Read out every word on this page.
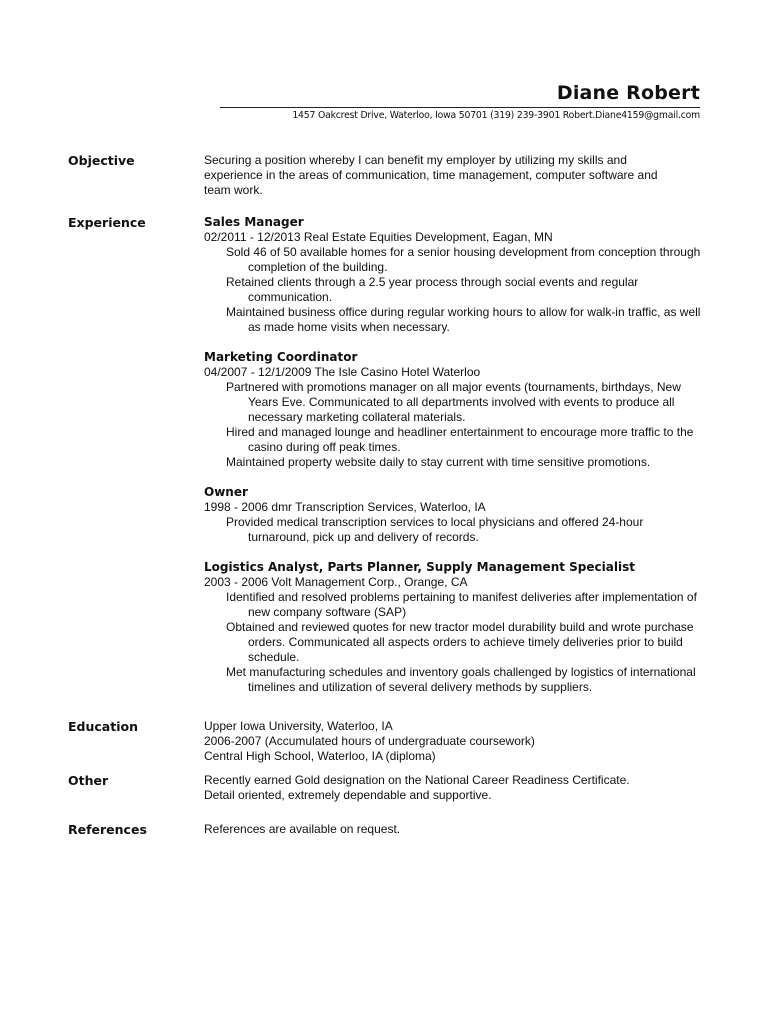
Diane Robert
1457 Oakcrest Drive, Waterloo, Iowa 50701 (319) 239-3901 Robert.Diane4159@gmail.com
Objective	Securing a position whereby I can benefit my employer by utilizing my skills and
experience in the areas of communication, time management, computer software and
team work.
Experience	Sales Manager
02/2011 - 12/2013 Real Estate Equities Development, Eagan, MN
Sold 46 of 50 available homes for a senior housing development from conception through completion of the building.
Retained clients through a 2.5 year process through social events and regular communication.
Maintained business office during regular working hours to allow for walk-in traffic, as well as made home visits when necessary.
Marketing Coordinator
04/2007 - 12/1/2009 The Isle Casino Hotel Waterloo
Partnered with promotions manager on all major events (tournaments, birthdays, New Years Eve. Communicated to all departments involved with events to produce all necessary marketing collateral materials.
Hired and managed lounge and headliner entertainment to encourage more traffic to the casino during off peak times.
Maintained property website daily to stay current with time sensitive promotions.
Owner
1998 - 2006 dmr Transcription Services, Waterloo, IA
Provided medical transcription services to local physicians and offered 24-hour turnaround, pick up and delivery of records.
Logistics Analyst, Parts Planner, Supply Management Specialist
2003 - 2006 Volt Management Corp., Orange, CA
Identified and resolved problems pertaining to manifest deliveries after implementation of new company software (SAP)
Obtained and reviewed quotes for new tractor model durability build and wrote purchase orders. Communicated all aspects orders to achieve timely deliveries prior to build schedule.
Met manufacturing schedules and inventory goals challenged by logistics of international timelines and utilization of several delivery methods by suppliers.
Education	Upper Iowa University, Waterloo, IA
2006-2007 (Accumulated hours of undergraduate coursework)
Central High School, Waterloo, IA (diploma)
Other	Recently earned Gold designation on the National Career Readiness Certificate.
Detail oriented, extremely dependable and supportive.
References	References are available on request.
